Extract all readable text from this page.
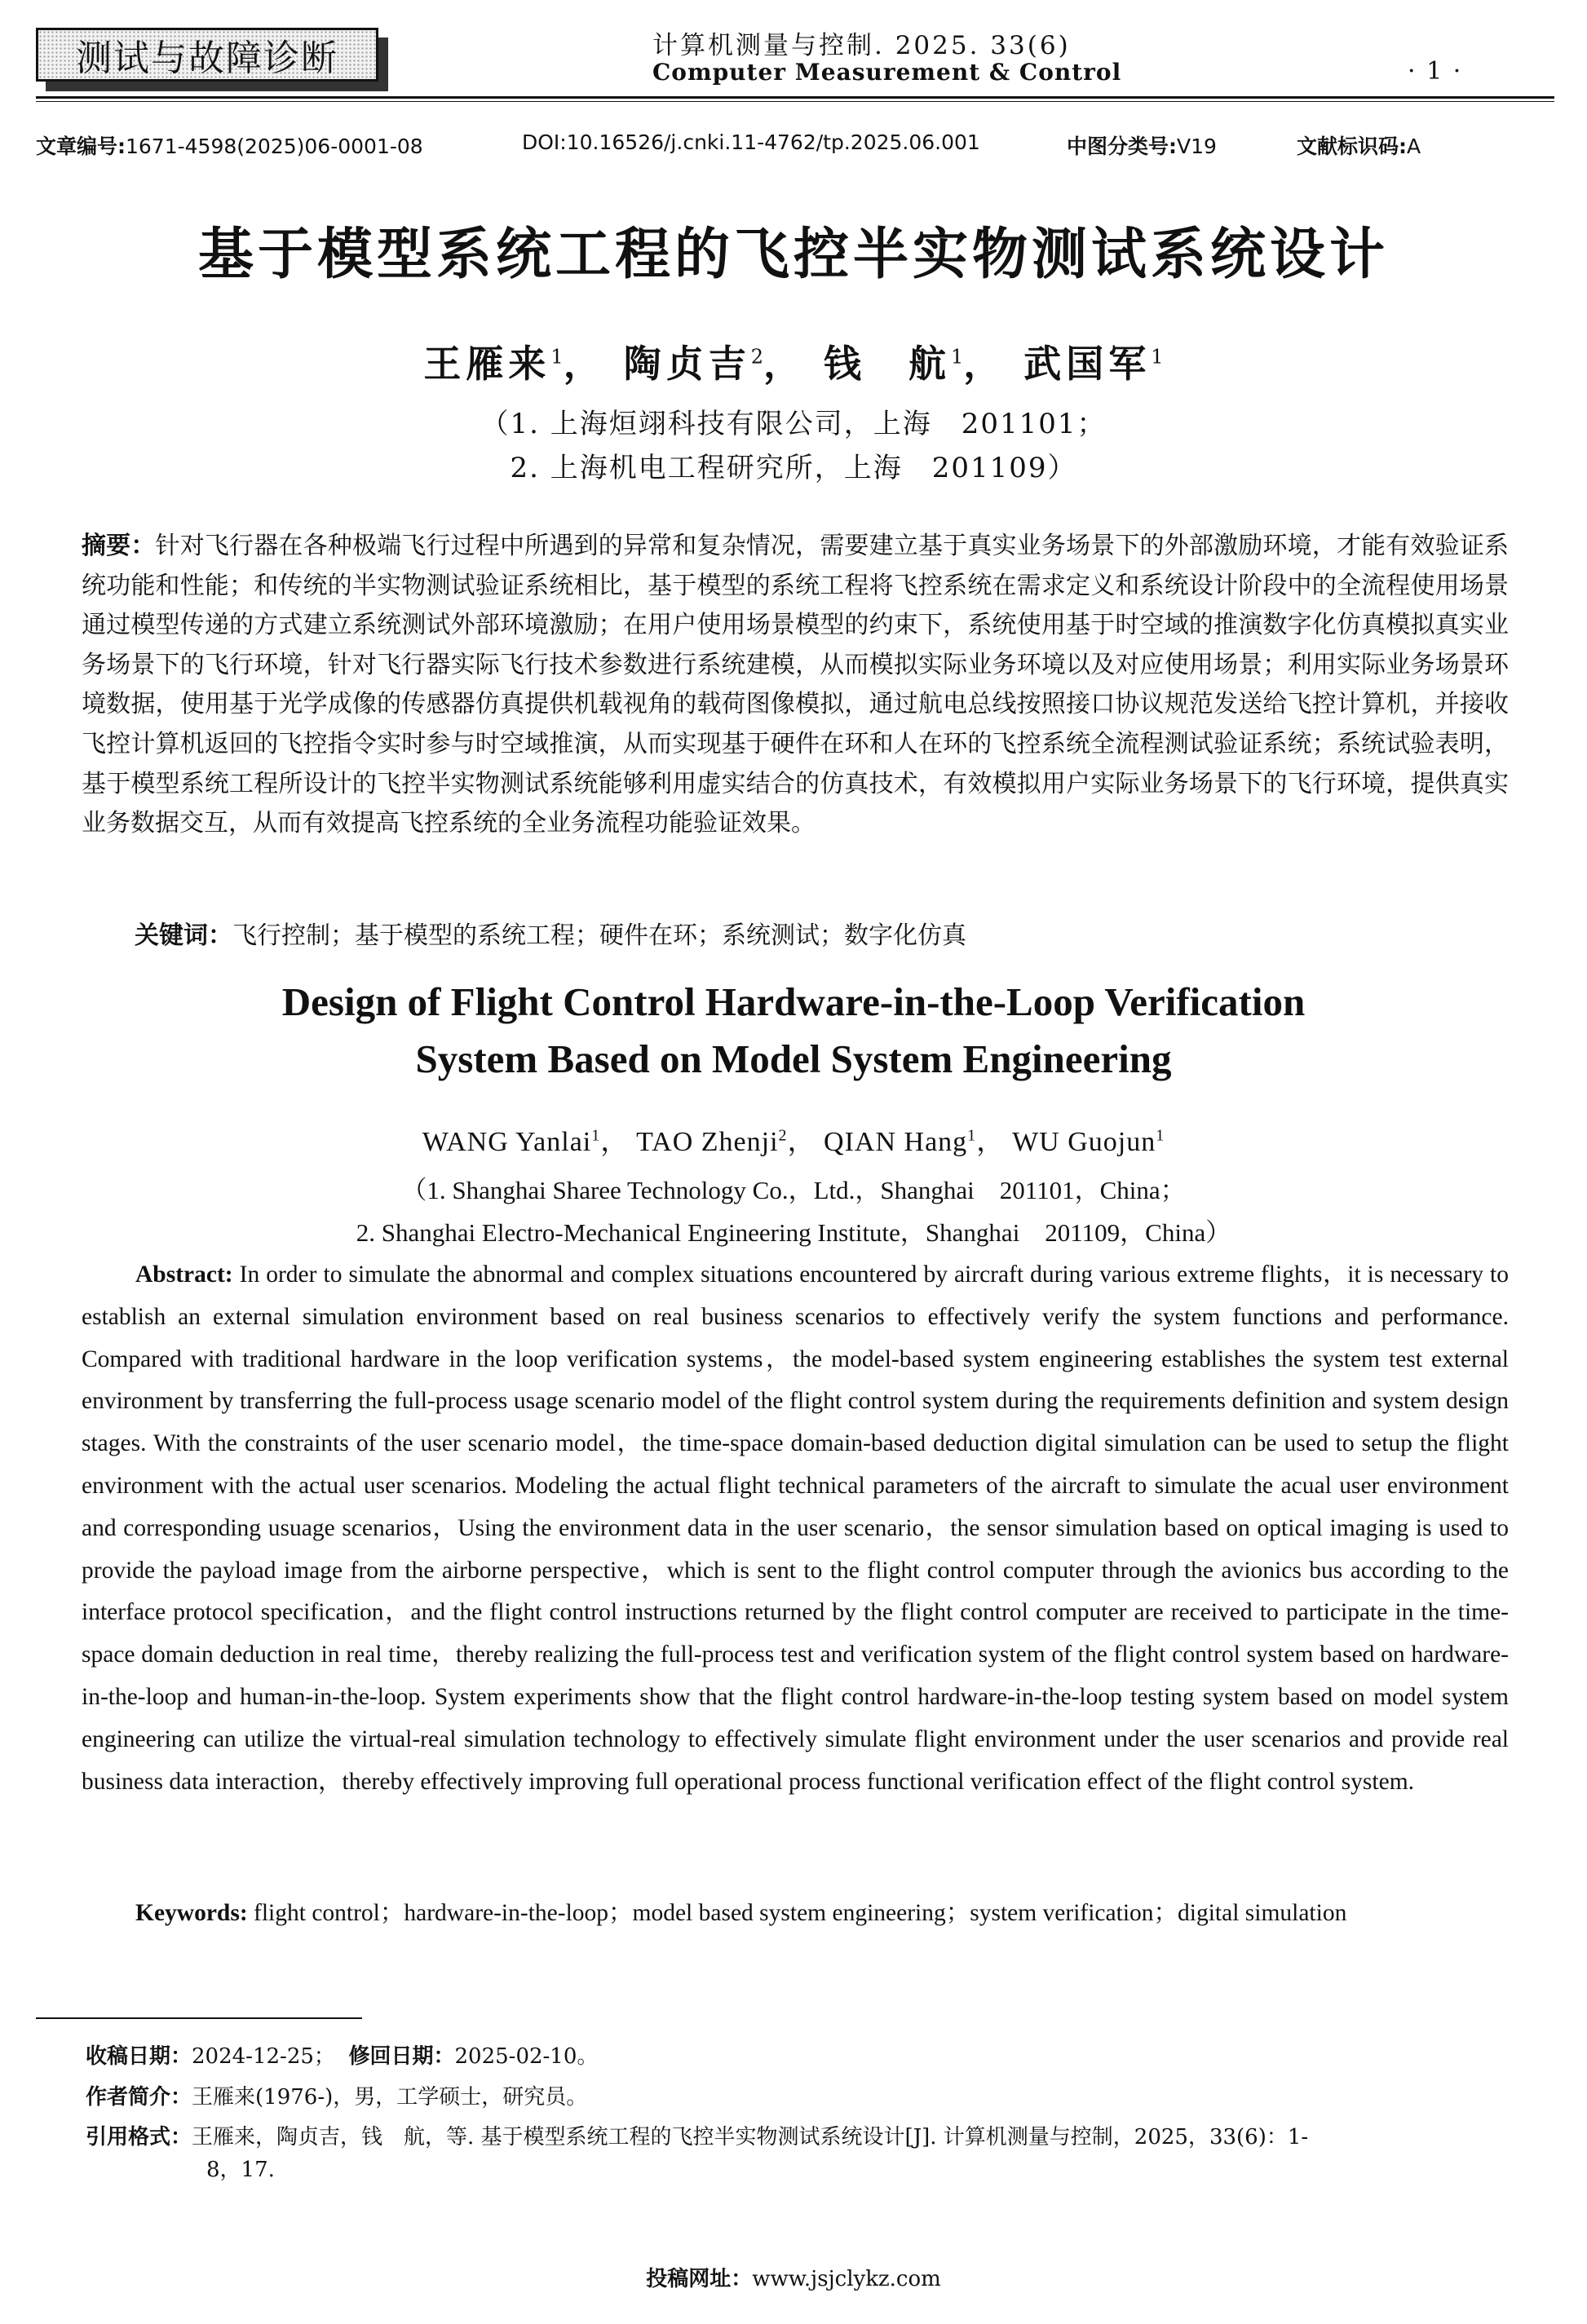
测试与故障诊断	计算机测量与控制. 2025. 33(6)
Computer Measurement & Control	· 1 ·
文章编号:1671-4598(2025)06-0001-08	DOI:10.16526/j.cnki.11-4762/tp.2025.06.001	中图分类号:V19	文献标识码:A
基于模型系统工程的飞控半实物测试系统设计
王雁来$^1$， 陶贞吉$^2$， 钱　航$^1$， 武国军$^1$
（1. 上海烜翊科技有限公司，上海　201101；
2. 上海机电工程研究所，上海　201109）
摘要：针对飞行器在各种极端飞行过程中所遇到的异常和复杂情况，需要建立基于真实业务场景下的外部激励环境，才能有效验证系统功能和性能；和传统的半实物测试验证系统相比，基于模型的系统工程将飞控系统在需求定义和系统设计阶段中的全流程使用场景通过模型传递的方式建立系统测试外部环境激励；在用户使用场景模型的约束下，系统使用基于时空域的推演数字化仿真模拟真实业务场景下的飞行环境，针对飞行器实际飞行技术参数进行系统建模，从而模拟实际业务环境以及对应使用场景；利用实际业务场景环境数据，使用基于光学成像的传感器仿真提供机载视角的载荷图像模拟，通过航电总线按照接口协议规范发送给飞控计算机，并接收飞控计算机返回的飞控指令实时参与时空域推演，从而实现基于硬件在环和人在环的飞控系统全流程测试验证系统；系统试验表明，基于模型系统工程所设计的飞控半实物测试系统能够利用虚实结合的仿真技术，有效模拟用户实际业务场景下的飞行环境，提供真实业务数据交互，从而有效提高飞控系统的全业务流程功能验证效果。
关键词：飞行控制；基于模型的系统工程；硬件在环；系统测试；数字化仿真
Design of Flight Control Hardware-in-the-Loop Verification
System Based on Model System Engineering
WANG Yanlai$^1$， TAO Zhenji$^2$， QIAN Hang$^1$， WU Guojun$^1$
（1. Shanghai Sharee Technology Co.，Ltd.，Shanghai　201101，China；
2. Shanghai Electro-Mechanical Engineering Institute，Shanghai　201109，China）
Abstract: In order to simulate the abnormal and complex situations encountered by aircraft during various extreme flights，it is necessary to establish an external simulation environment based on real business scenarios to effectively verify the system functions and performance. Compared with traditional hardware in the loop verification systems，the model-based system engineering establishes the system test external environment by transferring the full-process usage scenario model of the flight control system during the requirements definition and system design stages. With the constraints of the user scenario model，the time-space domain-based deduction digital simulation can be used to setup the flight environment with the actual user scenarios. Modeling the actual flight technical parameters of the aircraft to simulate the acual user environment and corresponding usuage scenarios，Using the environment data in the user scenario，the sensor simulation based on optical imaging is used to provide the payload image from the airborne perspective，which is sent to the flight control computer through the avionics bus according to the interface protocol specification，and the flight control instructions returned by the flight control computer are received to participate in the time-space domain deduction in real time，thereby realizing the full-process test and verification system of the flight control system based on hardware-in-the-loop and human-in-the-loop. System experiments show that the flight control hardware-in-the-loop testing system based on model system engineering can utilize the virtual-real simulation technology to effectively simulate flight environment under the user scenarios and provide real business data interaction，thereby effectively improving full operational process functional verification effect of the flight control system.
Keywords: flight control；hardware-in-the-loop；model based system engineering；system verification；digital simulation
收稿日期：2024-12-25； 修回日期：2025-02-10。
作者简介：王雁来(1976-)，男，工学硕士，研究员。
引用格式：王雁来，陶贞吉，钱　航，等. 基于模型系统工程的飞控半实物测试系统设计[J]. 计算机测量与控制，2025，33(6)：1-
8，17.
投稿网址：www.jsjclykz.com
